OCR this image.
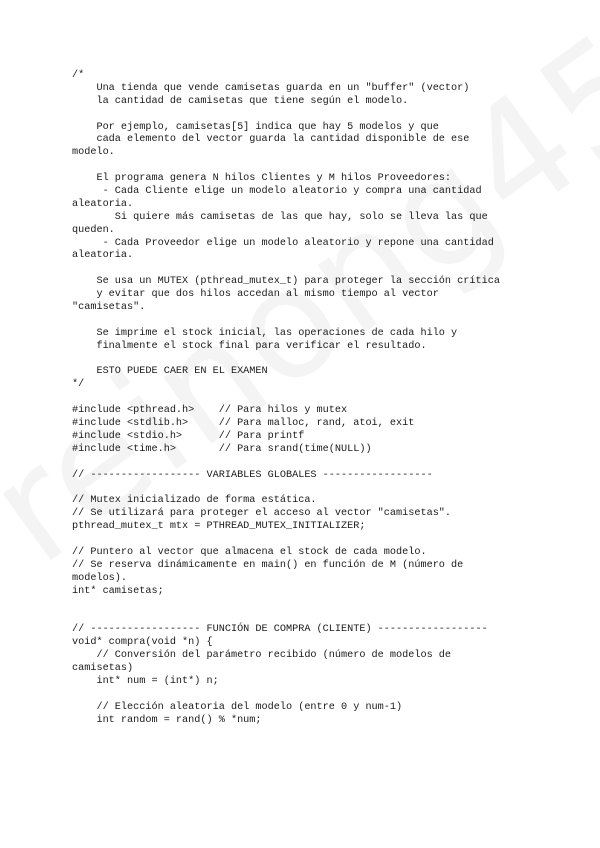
/*
Una tienda que vende camisetas guarda en un "buffer" (vector)
la cantidad de camisetas que tiene según el modelo.
Por ejemplo, camisetas[5] indica que hay 5 modelos y que
cada elemento del vector guarda la cantidad disponible de ese
modelo.
El programa genera N hilos Clientes y M hilos Proveedores:
- Cada Cliente elige un modelo aleatorio y compra una cantidad
aleatoria.
Si quiere más camisetas de las que hay, solo se lleva las que
queden.
- Cada Proveedor elige un modelo aleatorio y repone una cantidad
aleatoria.
Se usa un MUTEX (pthread_mutex_t) para proteger la sección crítica
y evitar que dos hilos accedan al mismo tiempo al vector
"camisetas".
Se imprime el stock inicial, las operaciones de cada hilo y
finalmente el stock final para verificar el resultado.
ESTO PUEDE CAER EN EL EXAMEN
*/
#include <pthread.h>    // Para hilos y mutex
#include <stdlib.h>     // Para malloc, rand, atoi, exit
#include <stdio.h>      // Para printf
#include <time.h>       // Para srand(time(NULL))
// ------------------ VARIABLES GLOBALES ------------------
// Mutex inicializado de forma estática.
// Se utilizará para proteger el acceso al vector "camisetas".
pthread_mutex_t mtx = PTHREAD_MUTEX_INITIALIZER;
// Puntero al vector que almacena el stock de cada modelo.
// Se reserva dinámicamente en main() en función de M (número de
modelos).
int* camisetas;
// ------------------ FUNCIÓN DE COMPRA (CLIENTE) ------------------
void* compra(void *n) {
// Conversión del parámetro recibido (número de modelos de
camisetas)
int* num = (int*) n;
// Elección aleatoria del modelo (entre 0 y num-1)
int random = rand() % *num;
